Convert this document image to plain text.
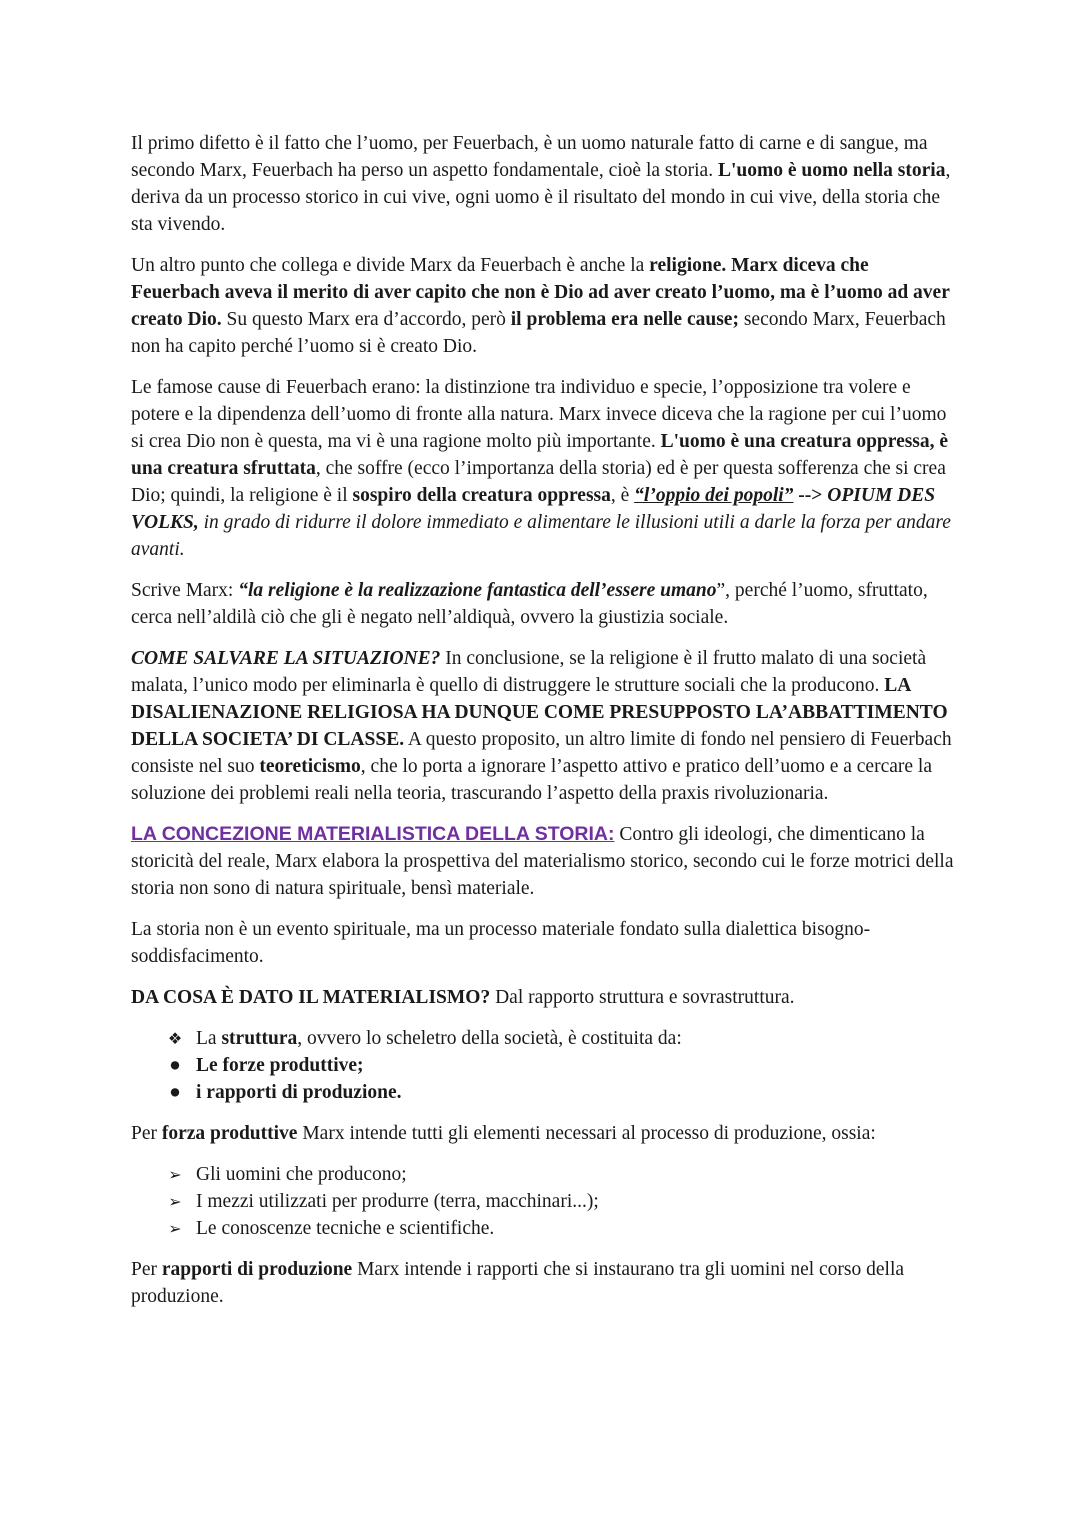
Il primo difetto è il fatto che l’uomo, per Feuerbach, è un uomo naturale fatto di carne e di sangue, ma secondo Marx, Feuerbach ha perso un aspetto fondamentale, cioè la storia. L'uomo è uomo nella storia, deriva da un processo storico in cui vive, ogni uomo è il risultato del mondo in cui vive, della storia che sta vivendo.

Un altro punto che collega e divide Marx da Feuerbach è anche la religione. Marx diceva che Feuerbach aveva il merito di aver capito che non è Dio ad aver creato l’uomo, ma è l’uomo ad aver creato Dio. Su questo Marx era d’accordo, però il problema era nelle cause; secondo Marx, Feuerbach non ha capito perché l’uomo si è creato Dio.

Le famose cause di Feuerbach erano: la distinzione tra individuo e specie, l’opposizione tra volere e potere e la dipendenza dell’uomo di fronte alla natura. Marx invece diceva che la ragione per cui l’uomo si crea Dio non è questa, ma vi è una ragione molto più importante. L'uomo è una creatura oppressa, è una creatura sfruttata, che soffre (ecco l’importanza della storia) ed è per questa sofferenza che si crea Dio; quindi, la religione è il sospiro della creatura oppressa, è “l’oppio dei popoli” --> OPIUM DES VOLKS, in grado di ridurre il dolore immediato e alimentare le illusioni utili a darle la forza per andare avanti.

Scrive Marx: “la religione è la realizzazione fantastica dell’essere umano”, perché l’uomo, sfruttato, cerca nell’aldilà ciò che gli è negato nell’aldiquà, ovvero la giustizia sociale.

COME SALVARE LA SITUAZIONE? In conclusione, se la religione è il frutto malato di una società malata, l’unico modo per eliminarla è quello di distruggere le strutture sociali che la producono. LA DISALIENAZIONE RELIGIOSA HA DUNQUE COME PRESUPPOSTO LA’ABBATTIMENTO DELLA SOCIETA’ DI CLASSE. A questo proposito, un altro limite di fondo nel pensiero di Feuerbach consiste nel suo teoreticismo, che lo porta a ignorare l’aspetto attivo e pratico dell’uomo e a cercare la soluzione dei problemi reali nella teoria, trascurando l’aspetto della praxis rivoluzionaria.

LA CONCEZIONE MATERIALISTICA DELLA STORIA: Contro gli ideologi, che dimenticano la storicità del reale, Marx elabora la prospettiva del materialismo storico, secondo cui le forze motrici della storia non sono di natura spirituale, bensì materiale.

La storia non è un evento spirituale, ma un processo materiale fondato sulla dialettica bisogno-soddisfacimento.

DA COSA È DATO IL MATERIALISMO? Dal rapporto struttura e sovrastruttura.

❖ La struttura, ovvero lo scheletro della società, è costituita da:
● Le forze produttive;
● i rapporti di produzione.

Per forza produttive Marx intende tutti gli elementi necessari al processo di produzione, ossia:

➢ Gli uomini che producono;
➢ I mezzi utilizzati per produrre (terra, macchinari...);
➢ Le conoscenze tecniche e scientifiche.

Per rapporti di produzione Marx intende i rapporti che si instaurano tra gli uomini nel corso della produzione.
